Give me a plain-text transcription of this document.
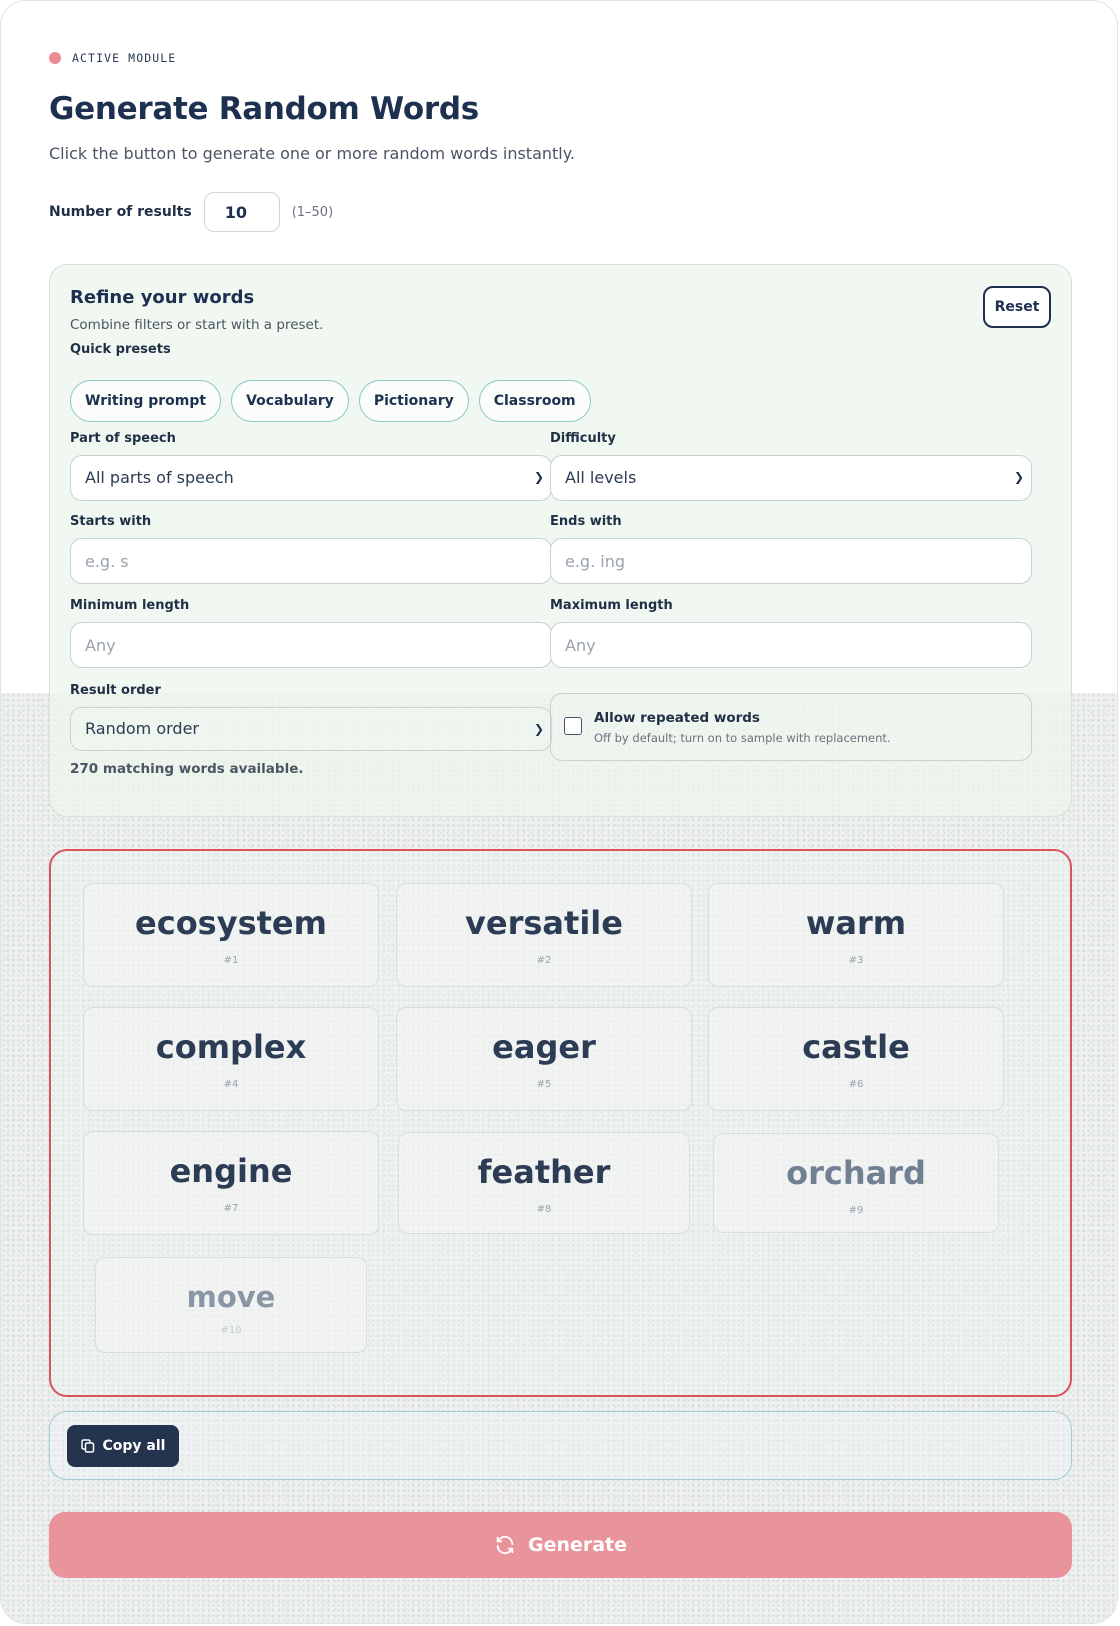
ACTIVE MODULE
Generate Random Words
Click the button to generate one or more random words instantly.
Number of results
10	(1–50)
Refine your words
Combine filters or start with a preset.
Reset
Quick presets
Writing prompt	Vocabulary	Pictionary	Classroom
Part of speech
All parts of speech	❯
Difficulty
All levels	❯
Starts with
e.g. s	Ends with
e.g. ing
Minimum length
Any	Maximum length
Any
Result order
Random order	❯
Allow repeated words
Off by default; turn on to sample with replacement.
270 matching words available.
ecosystem
#1
versatile
#2
warm
#3
complex
#4
eager
#5
castle
#6
engine
#7
feather
#8
orchard
#9
move
#10
Copy all
Generate
